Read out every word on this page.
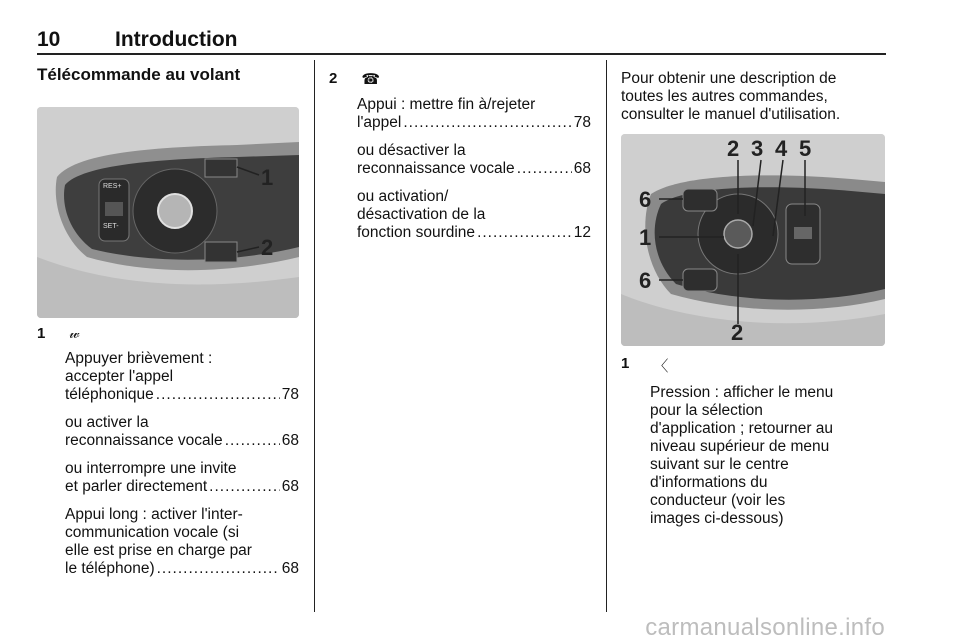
10	Introduction
Télécommande au volant
RES+
SET-
1
2
1 𝓌
Appuyer brièvement :
accepter l'appel
téléphonique .....	78
ou activer la
reconnaissance vocale .....	68
ou interrompre une invite
et parler directement .....	68
Appui long : activer l'inter-
communication vocale (si
elle est prise en charge par
le téléphone) .....	68
2 ☎
Appui : mettre fin à/rejeter
l'appel .....	78
ou désactiver la
reconnaissance vocale .....	68
ou activation/
désactivation de la
fonction sourdine .....	12
Pour obtenir une description de
toutes les autres commandes,
consulter le manuel d'utilisation.
2 3 4 5
6
1
6
2
1 〈
Pression : afficher le menu
pour la sélection
d'application ; retourner au
niveau supérieur de menu
suivant sur le centre
d'informations du
conducteur (voir les
images ci-dessous)
carmanualsonline.info
